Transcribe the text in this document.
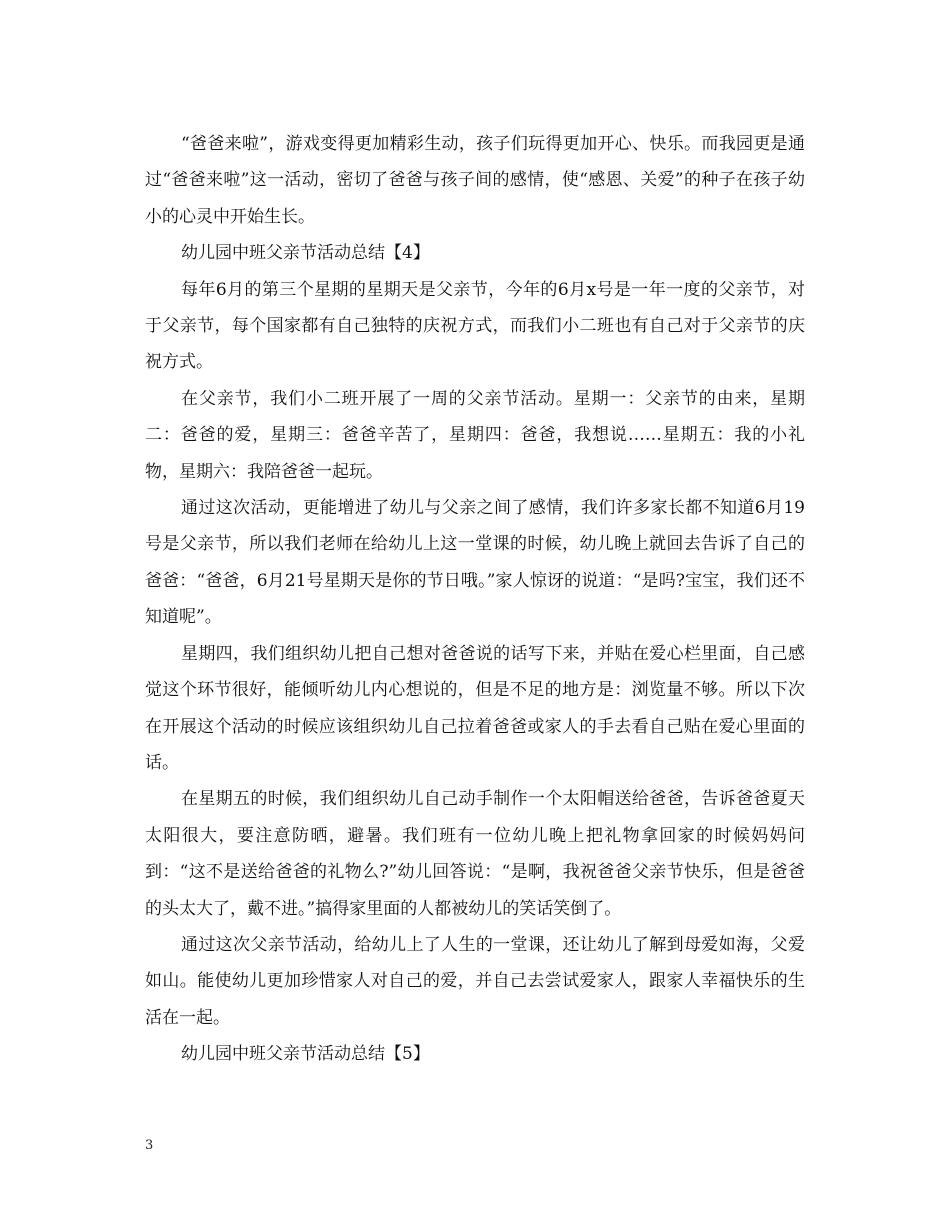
“爸爸来啦”，游戏变得更加精彩生动，孩子们玩得更加开心、快乐。而我园更是通过“爸爸来啦”这一活动，密切了爸爸与孩子间的感情，使“感恩、关爱”的种子在孩子幼小的心灵中开始生长。

幼儿园中班父亲节活动总结【4】

每年6月的第三个星期的星期天是父亲节，今年的6月x号是一年一度的父亲节，对于父亲节，每个国家都有自己独特的庆祝方式，而我们小二班也有自己对于父亲节的庆祝方式。

在父亲节，我们小二班开展了一周的父亲节活动。星期一：父亲节的由来，星期二：爸爸的爱，星期三：爸爸辛苦了，星期四：爸爸，我想说……星期五：我的小礼物，星期六：我陪爸爸一起玩。

通过这次活动，更能增进了幼儿与父亲之间了感情，我们许多家长都不知道6月19号是父亲节，所以我们老师在给幼儿上这一堂课的时候，幼儿晚上就回去告诉了自己的爸爸：“爸爸，6月21号星期天是你的节日哦。”家人惊讶的说道：“是吗?宝宝，我们还不知道呢”。

星期四，我们组织幼儿把自己想对爸爸说的话写下来，并贴在爱心栏里面，自己感觉这个环节很好，能倾听幼儿内心想说的，但是不足的地方是：浏览量不够。所以下次在开展这个活动的时候应该组织幼儿自己拉着爸爸或家人的手去看自己贴在爱心里面的话。

在星期五的时候，我们组织幼儿自己动手制作一个太阳帽送给爸爸，告诉爸爸夏天太阳很大，要注意防晒，避暑。我们班有一位幼儿晚上把礼物拿回家的时候妈妈问到：“这不是送给爸爸的礼物么?”幼儿回答说：“是啊，我祝爸爸父亲节快乐，但是爸爸的头太大了，戴不进。”搞得家里面的人都被幼儿的笑话笑倒了。

通过这次父亲节活动，给幼儿上了人生的一堂课，还让幼儿了解到母爱如海，父爱如山。能使幼儿更加珍惜家人对自己的爱，并自己去尝试爱家人，跟家人幸福快乐的生活在一起。

幼儿园中班父亲节活动总结【5】

3
